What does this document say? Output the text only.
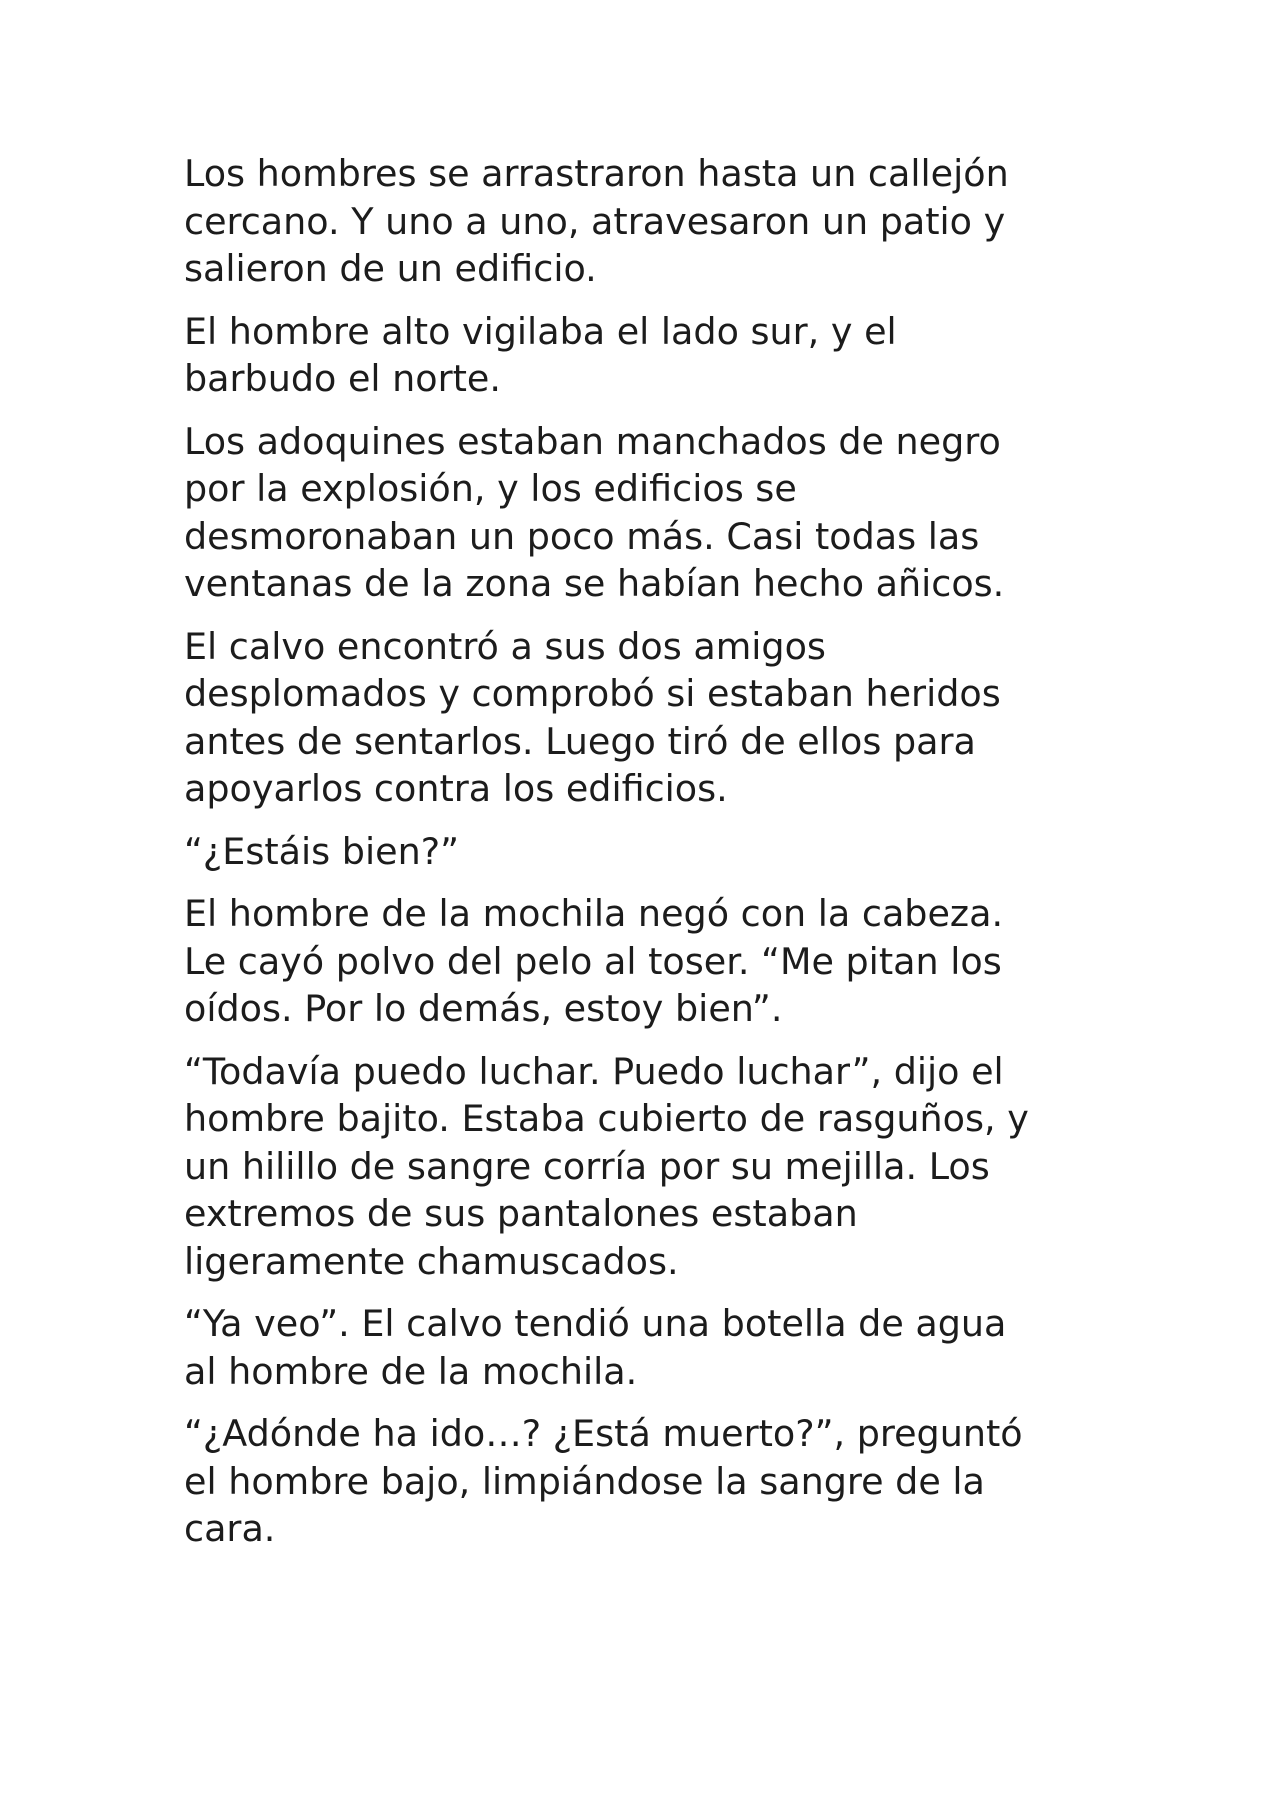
Los hombres se arrastraron hasta un callejón
cercano. Y uno a uno, atravesaron un patio y
salieron de un edificio.

El hombre alto vigilaba el lado sur, y el
barbudo el norte.

Los adoquines estaban manchados de negro
por la explosión, y los edificios se
desmoronaban un poco más. Casi todas las
ventanas de la zona se habían hecho añicos.

El calvo encontró a sus dos amigos
desplomados y comprobó si estaban heridos
antes de sentarlos. Luego tiró de ellos para
apoyarlos contra los edificios.

“¿Estáis bien?”

El hombre de la mochila negó con la cabeza.
Le cayó polvo del pelo al toser. “Me pitan los
oídos. Por lo demás, estoy bien”.

“Todavía puedo luchar. Puedo luchar”, dijo el
hombre bajito. Estaba cubierto de rasguños, y
un hilillo de sangre corría por su mejilla. Los
extremos de sus pantalones estaban
ligeramente chamuscados.

“Ya veo”. El calvo tendió una botella de agua
al hombre de la mochila.

“¿Adónde ha ido…? ¿Está muerto?”, preguntó
el hombre bajo, limpiándose la sangre de la
cara.
